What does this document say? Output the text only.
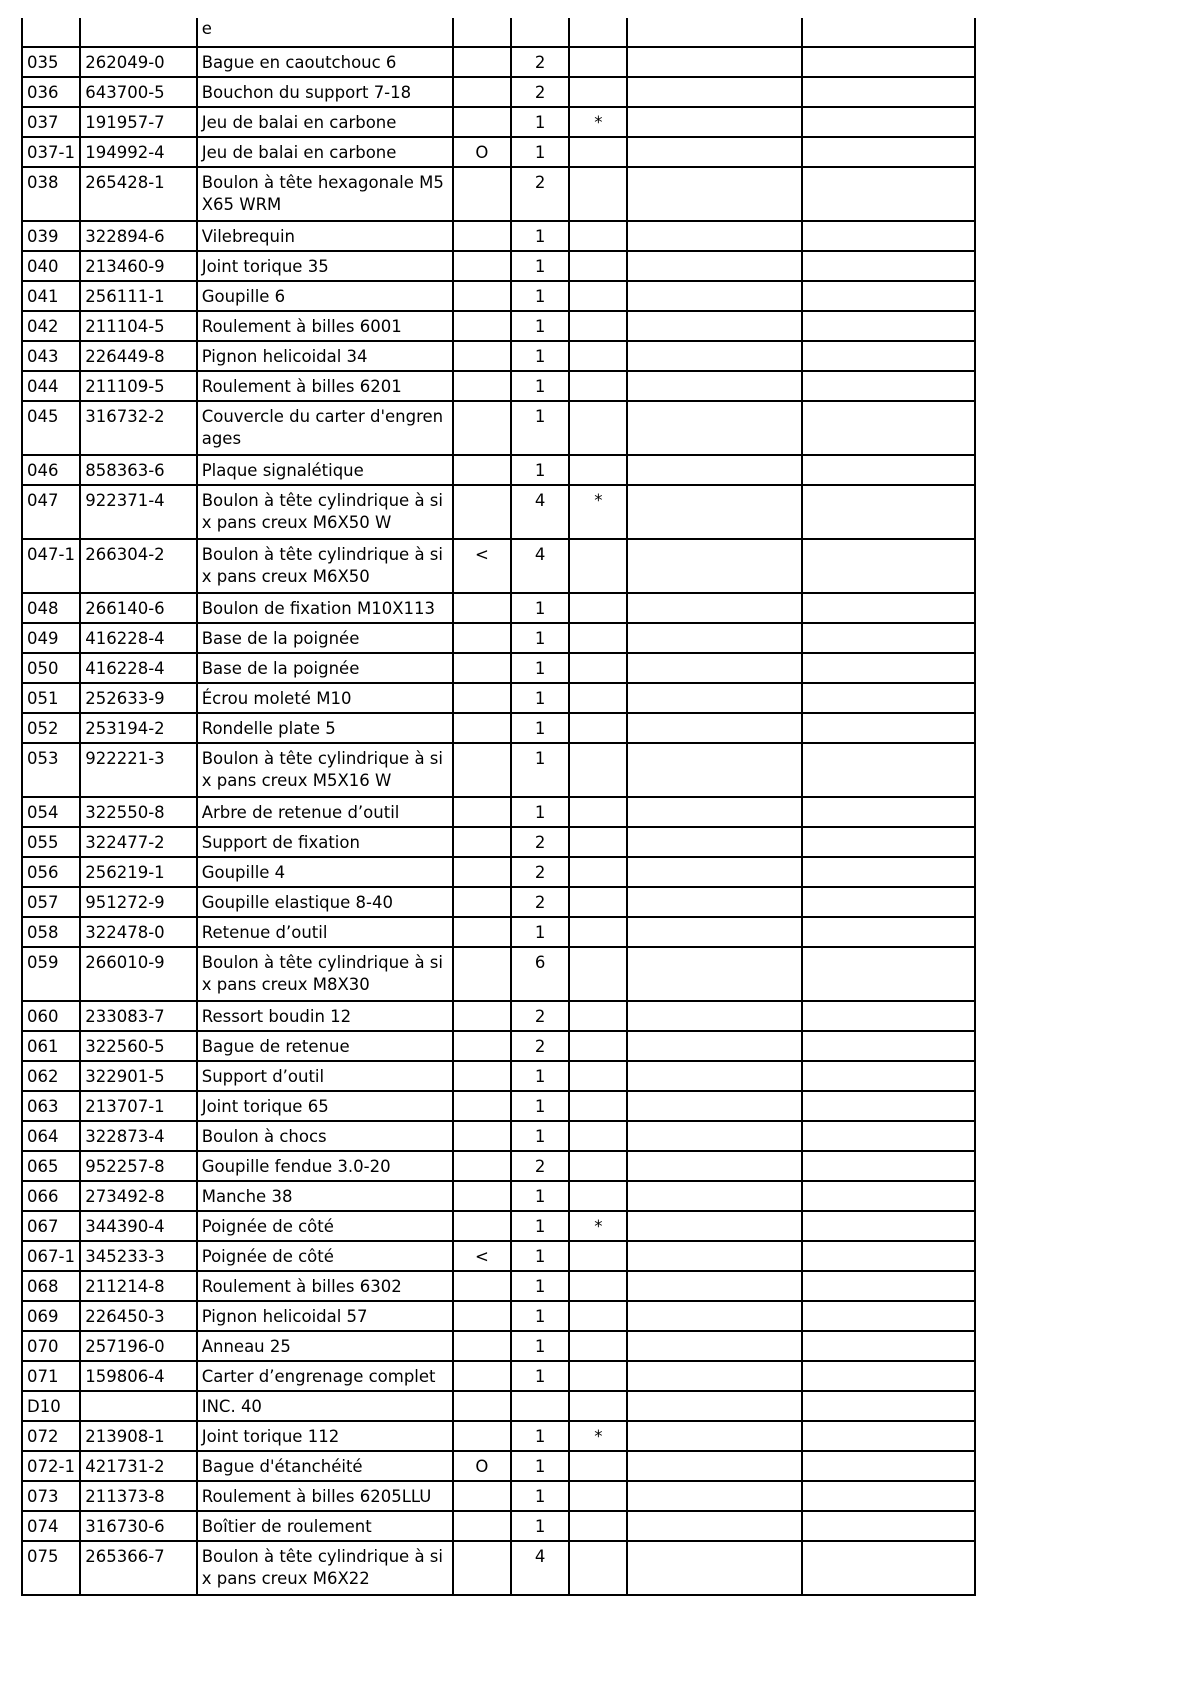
		e					
035	262049-0	Bague en caoutchouc 6		2			
036	643700-5	Bouchon du support 7-18		2			
037	191957-7	Jeu de balai en carbone		1	*		
037-1	194992-4	Jeu de balai en carbone	O	1			
038	265428-1	Boulon à tête hexagonale M5X65 WRM		2			
039	322894-6	Vilebrequin		1			
040	213460-9	Joint torique 35		1			
041	256111-1	Goupille 6		1			
042	211104-5	Roulement à billes 6001		1			
043	226449-8	Pignon helicoidal 34		1			
044	211109-5	Roulement à billes 6201		1			
045	316732-2	Couvercle du carter d'engrenages		1			
046	858363-6	Plaque signalétique		1			
047	922371-4	Boulon à tête cylindrique à six pans creux M6X50 W		4	*		
047-1	266304-2	Boulon à tête cylindrique à six pans creux M6X50	<	4			
048	266140-6	Boulon de fixation M10X113		1			
049	416228-4	Base de la poignée		1			
050	416228-4	Base de la poignée		1			
051	252633-9	Écrou moleté M10		1			
052	253194-2	Rondelle plate 5		1			
053	922221-3	Boulon à tête cylindrique à six pans creux M5X16 W		1			
054	322550-8	Arbre de retenue d’outil		1			
055	322477-2	Support de fixation		2			
056	256219-1	Goupille 4		2			
057	951272-9	Goupille elastique 8-40		2			
058	322478-0	Retenue d’outil		1			
059	266010-9	Boulon à tête cylindrique à six pans creux M8X30		6			
060	233083-7	Ressort boudin 12		2			
061	322560-5	Bague de retenue		2			
062	322901-5	Support d’outil		1			
063	213707-1	Joint torique 65		1			
064	322873-4	Boulon à chocs		1			
065	952257-8	Goupille fendue 3.0-20		2			
066	273492-8	Manche 38		1			
067	344390-4	Poignée de côté		1	*		
067-1	345233-3	Poignée de côté	<	1			
068	211214-8	Roulement à billes 6302		1			
069	226450-3	Pignon helicoidal 57		1			
070	257196-0	Anneau 25		1			
071	159806-4	Carter d’engrenage complet		1			
D10		INC. 40					
072	213908-1	Joint torique 112		1	*		
072-1	421731-2	Bague d'étanchéité	O	1			
073	211373-8	Roulement à billes 6205LLU		1			
074	316730-6	Boîtier de roulement		1			
075	265366-7	Boulon à tête cylindrique à six pans creux M6X22		4			
